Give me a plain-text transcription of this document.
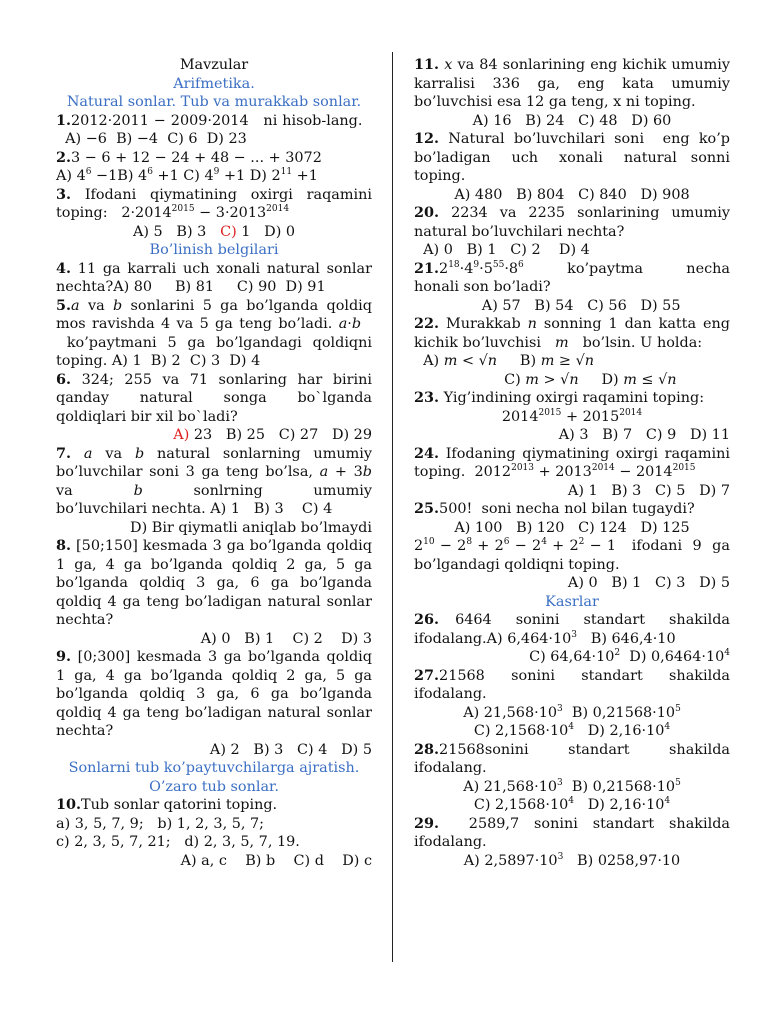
Mavzular
Arifmetika.
Natural sonlar. Tub va murakkab sonlar.
1.2012·2011 − 2009·2014   ni hisob-lang.     A) −6  B) −4  C) 6  D) 23
2.3 − 6 + 12 − 24 + 48 − ... + 3072
A) $4^6 -1B$) $4^6 +1$ C) $4^9 +1$ D) $2^{11} +1$
3. Ifodani qiymatining oxirgi raqamini toping:   $2\cdot 2014^{2015} - 3\cdot 2013^{2014}$
A) 5   B) 3   C) 1   D) 0
Bo’linish belgilari
4. 11 ga karrali uch xonali natural sonlar nechta?A) 80     B) 81     C) 90  D) 91
5.a va b sonlarini 5 ga bo’lganda qoldiq mos ravishda 4 va 5 ga teng bo’ladi. a·b    ko’paytmani 5 ga bo’lgandagi qoldiqni toping. A) 1  B) 2  C) 3  D) 4
6. 324; 255 va 71 sonlaring har birini qanday   natural   songa   bo`lganda qoldiqlari bir xil bo`ladi?
A) 23   B) 25   C) 27   D) 29
7. a va b natural sonlarning umumiy bo’luvchilar soni 3 ga teng bo’lsa, a + 3b va      b     sonlrning     umumiy bo’luvchilari nechta. A) 1   B) 3    C) 4
D) Bir qiymatli aniqlab bo’lmaydi
8. [50;150] kesmada 3 ga bo’lganda qoldiq 1 ga, 4 ga bo’lganda qoldiq 2 ga, 5 ga bo’lganda qoldiq 3 ga, 6 ga bo’lganda qoldiq 4 ga teng bo’ladigan natural sonlar nechta?
A) 0   B) 1    C) 2    D) 3
9. [0;300] kesmada 3 ga bo’lganda qoldiq 1 ga, 4 ga bo’lganda qoldiq 2 ga, 5 ga bo’lganda qoldiq 3 ga, 6 ga bo’lganda qoldiq 4 ga teng bo’ladigan natural sonlar nechta?
A) 2   B) 3   C) 4   D) 5
Sonlarni tub ko’paytuvchilarga ajratish. O’zaro tub sonlar.
10.Tub sonlar qatorini toping.
a) 3, 5, 7, 9;   b) 1, 2, 3, 5, 7;
c) 2, 3, 5, 7, 21;   d) 2, 3, 5, 7, 19.
A) a, c    B) b    C) d    D) c
11. x va 84 sonlarining eng kichik umumiy karralisi 336 ga, eng kata umumiy bo’luvchisi esa 12 ga teng, x ni toping.
A) 16   B) 24   C) 48   D) 60
12. Natural bo’luvchilari soni  eng ko’p bo’ladigan   uch   xonali   natural  sonni toping.
A) 480   B) 804   C) 840   D) 908
20. 2234 va 2235 sonlarining umumiy natural bo’luvchilari nechta?
A) 0   B) 1   C) 2    D) 4
$21.2^{18}\cdot 4^9\cdot 5^{55}\cdot 8^6$     ko’paytma     necha honali son bo’ladi?
A) 57   B) 54   C) 56   D) 55
22. Murakkab n sonning 1 dan katta eng kichik bo’luvchisi   m   bo’lsin. U holda:         A) m < √n     B) m ≥ √n
C) m > √n     D) m ≤ √n
23. Yig’indining oxirgi raqamini toping:
$2014^{2015} + 2015^{2014}$
A) 3   B) 7   C) 9   D) 11
24. Ifodaning qiymatining oxirgi raqamini toping.  $2012^{2013} + 2013^{2014} - 2014^{2015}$
A) 1   B) 3   C) 5   D) 7
25.500!  soni necha nol bilan tugaydi?
A) 100   B) 120   C) 124   D) 125
$2^{10} - 2^8 + 2^6 - 2^4 + 2^2 - 1$   ifodani  9  ga bo’lgandagi qoldiqni toping.
A) 0   B) 1   C) 3   D) 5
Kasrlar
26.  6464   sonini   standart   shakilda ifodalang.A) $6,464\cdot 10^3$   B) 646,4·10
C) $64,64\cdot 10^2$  D) $0,6464\cdot 10^4$
27.21568     sonini     standart     shakilda ifodalang.
A) $21,568\cdot 10^3$  B) $0,21568\cdot 10^5$
C) $2,1568\cdot 10^4$   D) $2,16\cdot 10^4$
28.21568sonini        standart        shakilda ifodalang.
A) $21,568\cdot 10^3$  B) $0,21568\cdot 10^5$
C) $2,1568\cdot 10^4$   D) $2,16\cdot 10^4$
29.  2589,7 sonini standart shakilda ifodalang.
A) $2,5897\cdot 10^3$   B) 0258,97·10
